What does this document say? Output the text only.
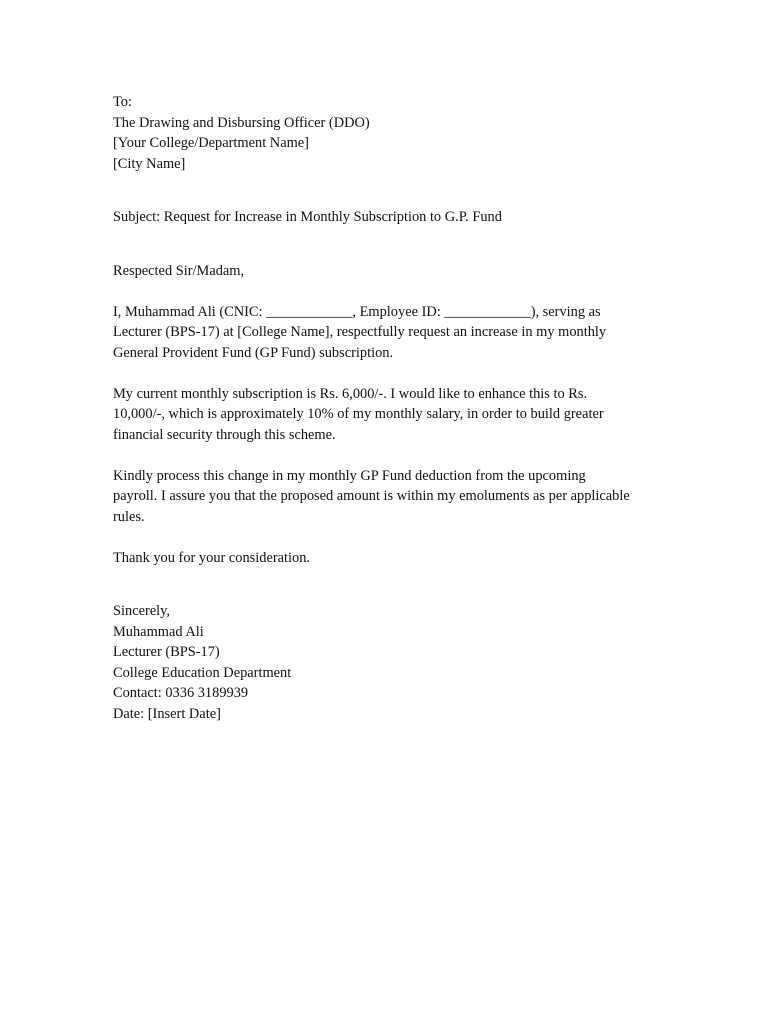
To:
The Drawing and Disbursing Officer (DDO)
[Your College/Department Name]
[City Name]
Subject: Request for Increase in Monthly Subscription to G.P. Fund
Respected Sir/Madam,
I, Muhammad Ali (CNIC: ____________, Employee ID: ____________), serving as
Lecturer (BPS-17) at [College Name], respectfully request an increase in my monthly
General Provident Fund (GP Fund) subscription.
My current monthly subscription is Rs. 6,000/-. I would like to enhance this to Rs.
10,000/-, which is approximately 10% of my monthly salary, in order to build greater
financial security through this scheme.
Kindly process this change in my monthly GP Fund deduction from the upcoming
payroll. I assure you that the proposed amount is within my emoluments as per applicable
rules.
Thank you for your consideration.
Sincerely,
Muhammad Ali
Lecturer (BPS-17)
College Education Department
Contact: 0336 3189939
Date: [Insert Date]
